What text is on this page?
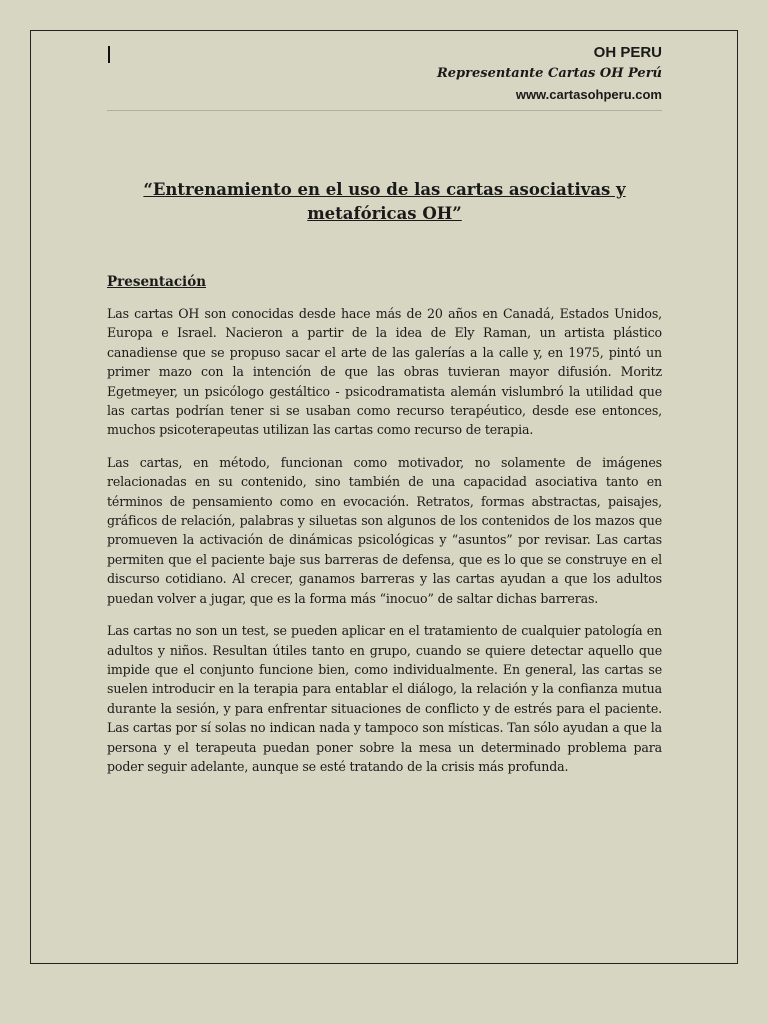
OH PERU
Representante Cartas OH Perú
www.cartasohperu.com
“Entrenamiento en el uso de las cartas asociativas y
metafóricas OH”
Presentación

Las cartas OH son conocidas desde hace más de 20 años en Canadá, Estados Unidos, Europa e Israel. Nacieron a partir de la idea de Ely Raman, un artista plástico canadiense que se propuso sacar el arte de las galerías a la calle y, en 1975, pintó un primer mazo con la intención de que las obras tuvieran mayor difusión. Moritz Egetmeyer, un psicólogo gestáltico - psicodramatista alemán vislumbró la utilidad que las cartas podrían tener si se usaban como recurso terapéutico, desde ese entonces, muchos psicoterapeutas utilizan las cartas como recurso de terapia.

Las cartas, en método, funcionan como motivador, no solamente de imágenes relacionadas en su contenido, sino también de una capacidad asociativa tanto en términos de pensamiento como en evocación. Retratos, formas abstractas, paisajes, gráficos de relación, palabras y siluetas son algunos de los contenidos de los mazos que promueven la activación de dinámicas psicológicas y “asuntos” por revisar. Las cartas permiten que el paciente baje sus barreras de defensa, que es lo que se construye en el discurso cotidiano. Al crecer, ganamos barreras y las cartas ayudan a que los adultos puedan volver a jugar, que es la forma más “inocuo” de saltar dichas barreras.

Las cartas no son un test, se pueden aplicar en el tratamiento de cualquier patología en adultos y niños. Resultan útiles tanto en grupo, cuando se quiere detectar aquello que impide que el conjunto funcione bien, como individualmente. En general, las cartas se suelen introducir en la terapia para entablar el diálogo, la relación y la confianza mutua durante la sesión, y para enfrentar situaciones de conflicto y de estrés para el paciente. Las cartas por sí solas no indican nada y tampoco son místicas. Tan sólo ayudan a que la persona y el terapeuta puedan poner sobre la mesa un determinado problema para poder seguir adelante, aunque se esté tratando de la crisis más profunda.
